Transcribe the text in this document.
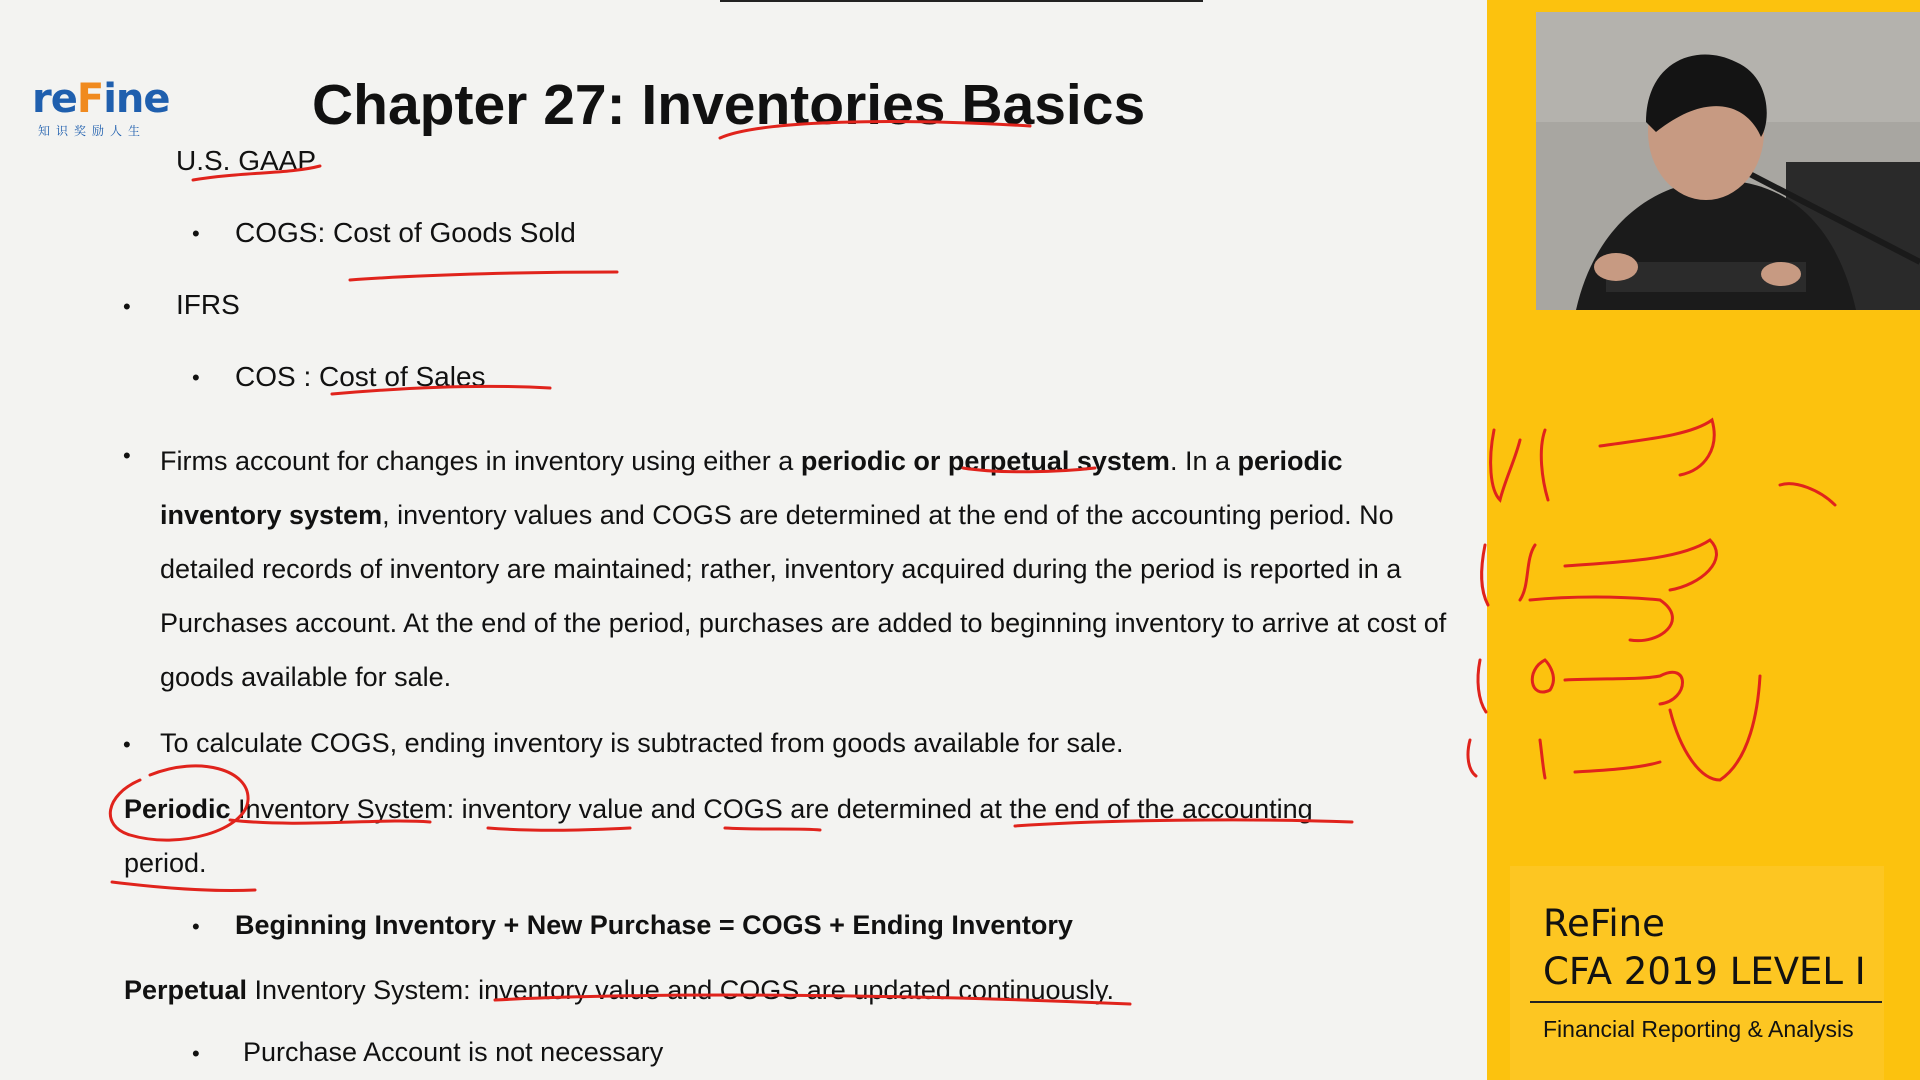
reFine
知识奖励人生	Chapter 27: Inventories Basics
U.S. GAAP
• COGS: Cost of Goods Sold
• IFRS
• COS : Cost of Sales
• Firms account for changes in inventory using either a periodic or perpetual system. In a periodic inventory system, inventory values and COGS are determined at the end of the accounting period. No detailed records of inventory are maintained; rather, inventory acquired during the period is reported in a Purchases account. At the end of the period, purchases are added to beginning inventory to arrive at cost of goods available for sale.
• To calculate COGS, ending inventory is subtracted from goods available for sale.
Periodic Inventory System: inventory value and COGS are determined at the end of the accounting
period.
• Beginning Inventory + New Purchase = COGS + Ending Inventory
Perpetual Inventory System: inventory value and COGS are updated continuously.
• Purchase Account is not necessary
ReFine
CFA 2019 LEVEL I
Financial Reporting & Analysis
